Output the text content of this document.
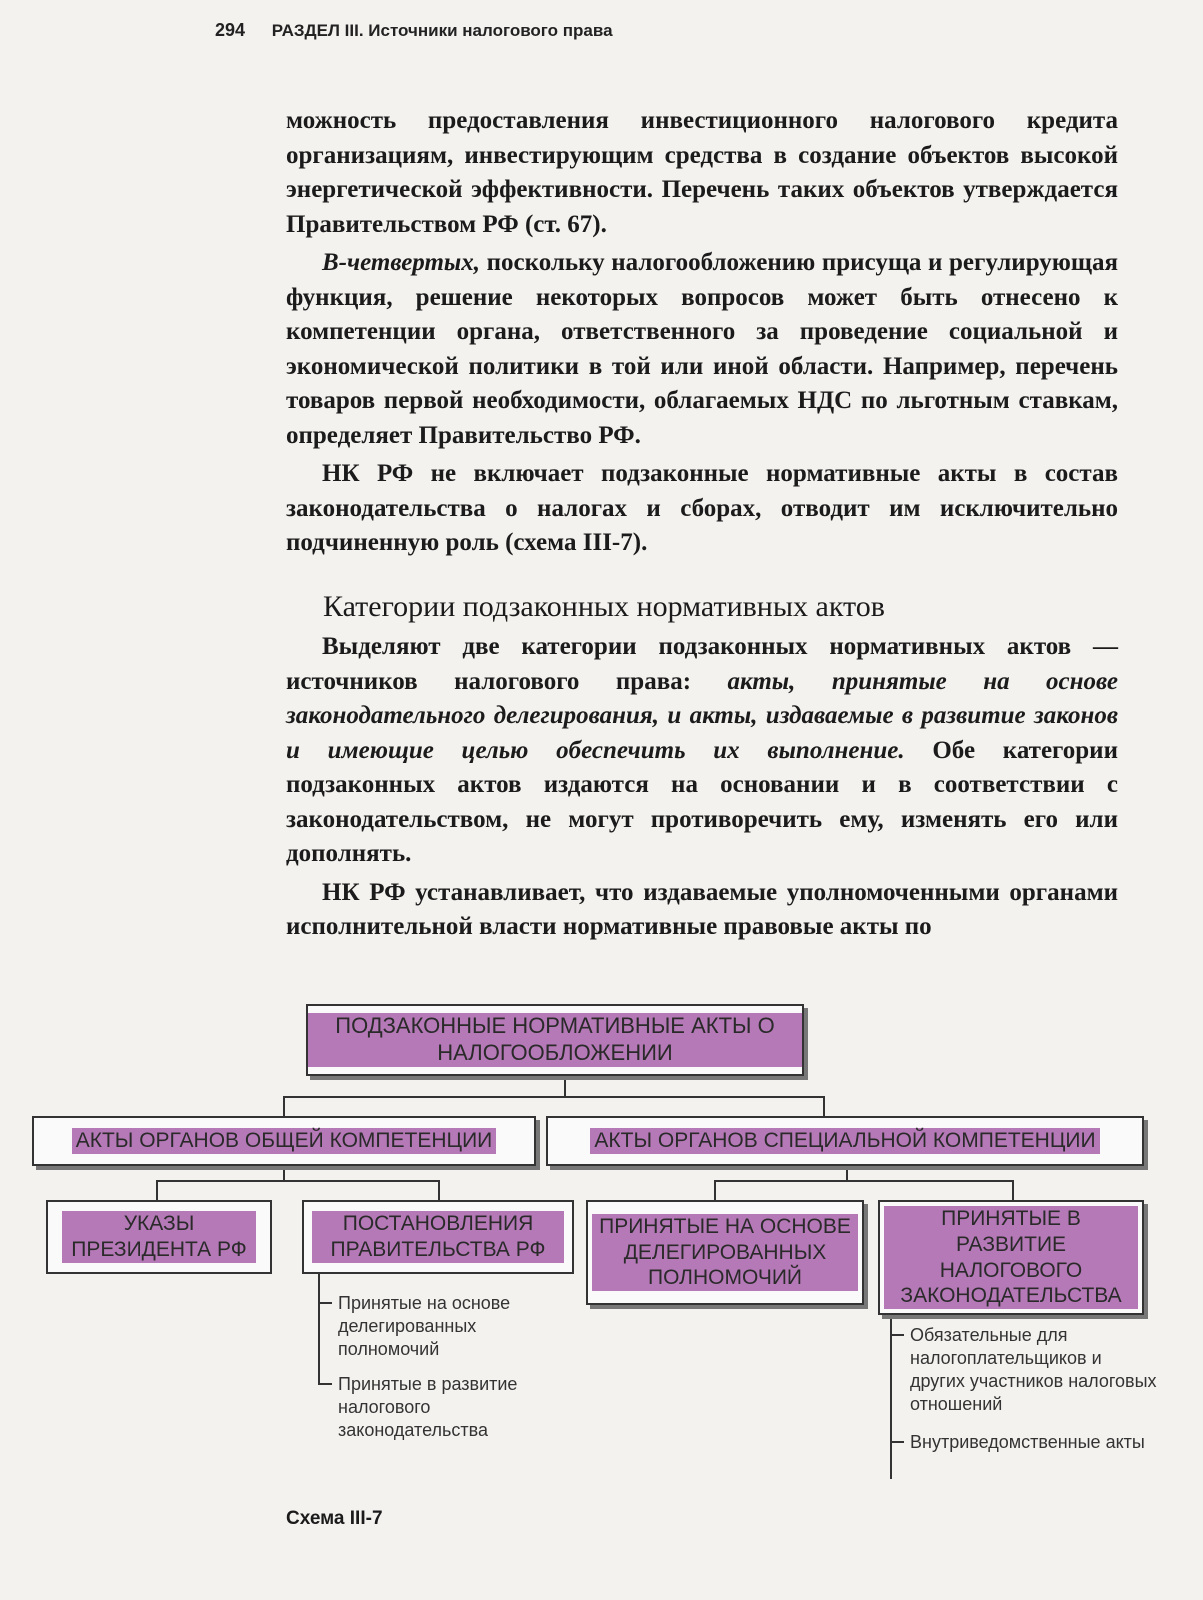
294 РАЗДЕЛ III. Источники налогового права

можность предоставления инвестиционного налогового кредита организациям, инвестирующим средства в создание объектов высокой энергетической эффективности. Перечень таких объектов утверждается Правительством РФ (ст. 67).

В-четвертых, поскольку налогообложению присуща и регулирующая функция, решение некоторых вопросов может быть отнесено к компетенции органа, ответственного за проведение социальной и экономической политики в той или иной области. Например, перечень товаров первой необходимости, облагаемых НДС по льготным ставкам, определяет Правительство РФ.

НК РФ не включает подзаконные нормативные акты в состав законодательства о налогах и сборах, отводит им исключительно подчиненную роль (схема III-7).

Категории подзаконных нормативных актов

Выделяют две категории подзаконных нормативных актов — источников налогового права: акты, принятые на основе законодательного делегирования, и акты, издаваемые в развитие законов и имеющие целью обеспечить их выполнение. Обе категории подзаконных актов издаются на основании и в соответствии с законодательством, не могут противоречить ему, изменять его или дополнять.

НК РФ устанавливает, что издаваемые уполномоченными органами исполнительной власти нормативные правовые акты по

ПОДЗАКОННЫЕ НОРМАТИВНЫЕ АКТЫ О НАЛОГООБЛОЖЕНИИ
АКТЫ ОРГАНОВ ОБЩЕЙ КОМПЕТЕНЦИИ	АКТЫ ОРГАНОВ СПЕЦИАЛЬНОЙ КОМПЕТЕНЦИИ
УКАЗЫ ПРЕЗИДЕНТА РФ
ПОСТАНОВЛЕНИЯ ПРАВИТЕЛЬСТВА РФ
ПРИНЯТЫЕ НА ОСНОВЕ ДЕЛЕГИРОВАННЫХ ПОЛНОМОЧИЙ
ПРИНЯТЫЕ В РАЗВИТИЕ НАЛОГОВОГО ЗАКОНОДАТЕЛЬСТВА
Принятые на основе делегированных полномочий
Принятые в развитие налогового законодательства
Обязательные для налогоплательщиков и других участников налоговых отношений
Внутриведомственные акты
Схема III-7
